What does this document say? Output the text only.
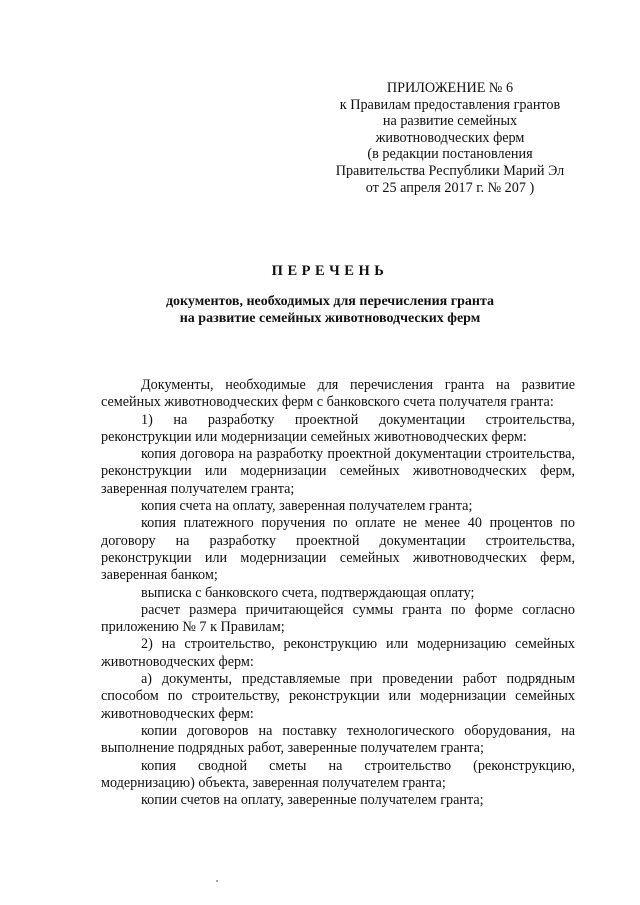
ПРИЛОЖЕНИЕ № 6
к Правилам предоставления грантов
на развитие семейных
животноводческих ферм
(в редакции постановления
Правительства Республики Марий Эл
от 25 апреля 2017 г. № 207 )
ПЕРЕЧЕНЬ
документов, необходимых для перечисления гранта
на развитие семейных животноводческих ферм

Документы, необходимые для перечисления гранта на развитие семейных животноводческих ферм с банковского счета получателя гранта:

1) на разработку проектной документации строительства, реконструкции или модернизации семейных животноводческих ферм:

копия договора на разработку проектной документации строительства, реконструкции или модернизации семейных животноводческих ферм, заверенная получателем гранта;

копия счета на оплату, заверенная получателем гранта;

копия платежного поручения по оплате не менее 40 процентов по договору на разработку проектной документации строительства, реконструкции или модернизации семейных животноводческих ферм, заверенная банком;

выписка с банковского счета, подтверждающая оплату;

расчет размера причитающейся суммы гранта по форме согласно приложению № 7 к Правилам;

2) на строительство, реконструкцию или модернизацию семейных животноводческих ферм:

а) документы, представляемые при проведении работ подрядным способом по строительству, реконструкции или модернизации семейных животноводческих ферм:

копии договоров на поставку технологического оборудования, на выполнение подрядных работ, заверенные получателем гранта;

копия сводной сметы на строительство (реконструкцию, модернизацию) объекта, заверенная получателем гранта;

копии счетов на оплату, заверенные получателем гранта;
